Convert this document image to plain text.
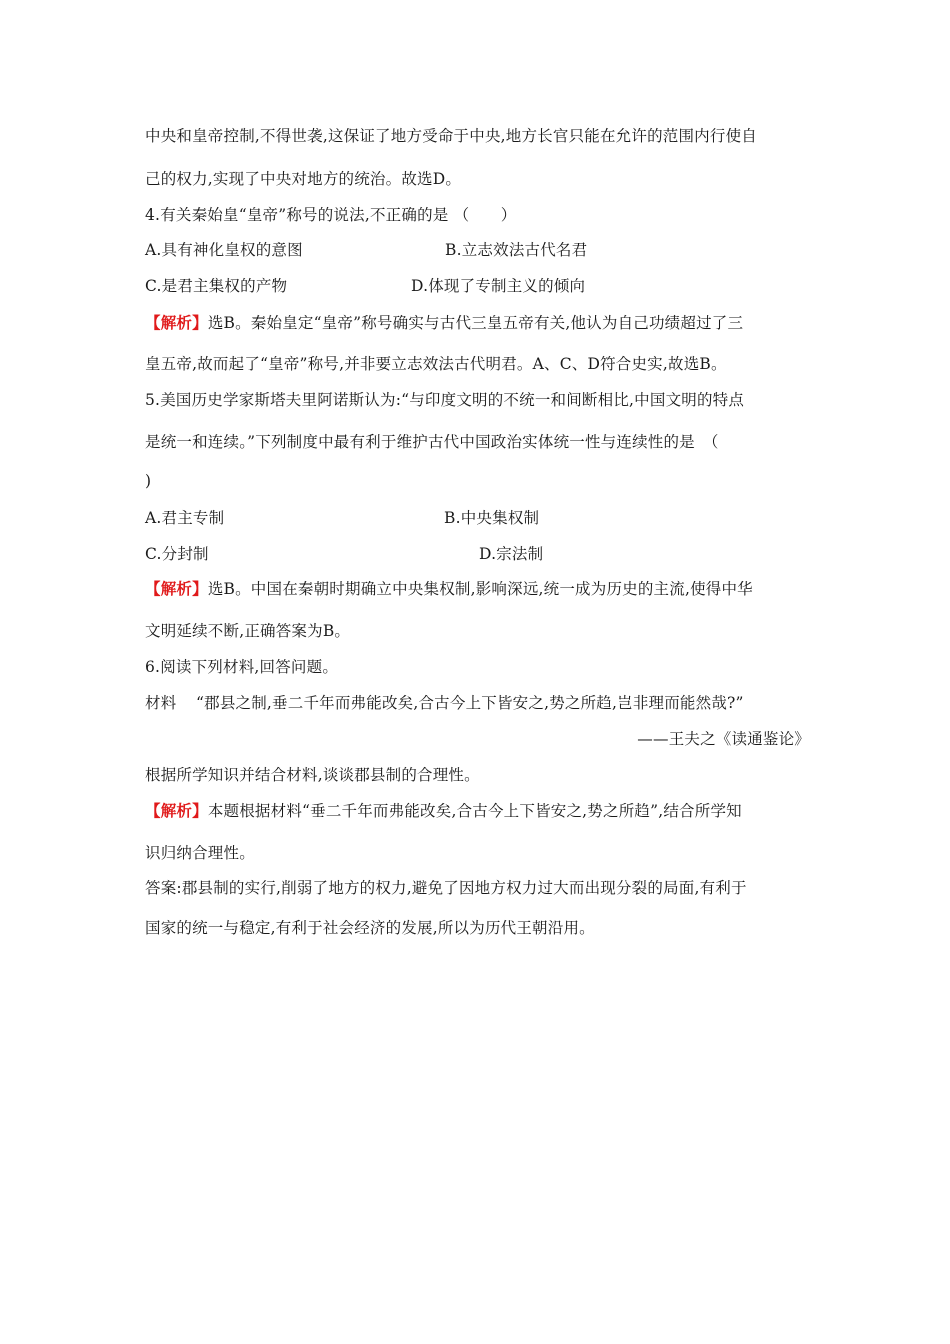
中央和皇帝控制,不得世袭,这保证了地方受命于中央,地方长官只能在允许的范围内行使自
己的权力,实现了中央对地方的统治。故选D。
4.有关秦始皇“皇帝”称号的说法,不正确的是 （　　）
A.具有神化皇权的意图	B.立志效法古代名君
C.是君主集权的产物	D.体现了专制主义的倾向
【解析】选B。秦始皇定“皇帝”称号确实与古代三皇五帝有关,他认为自己功绩超过了三
皇五帝,故而起了“皇帝”称号,并非要立志效法古代明君。A、C、D符合史实,故选B。
5.美国历史学家斯塔夫里阿诺斯认为:“与印度文明的不统一和间断相比,中国文明的特点
是统一和连续。”下列制度中最有利于维护古代中国政治实体统一性与连续性的是　（
)
A.君主专制	B.中央集权制
C.分封制	D.宗法制
【解析】选B。中国在秦朝时期确立中央集权制,影响深远,统一成为历史的主流,使得中华
文明延续不断,正确答案为B。
6.阅读下列材料,回答问题。
材料	“郡县之制,垂二千年而弗能改矣,合古今上下皆安之,势之所趋,岂非理而能然哉?”
——王夫之《读通鉴论》
根据所学知识并结合材料,谈谈郡县制的合理性。
【解析】本题根据材料“垂二千年而弗能改矣,合古今上下皆安之,势之所趋”,结合所学知
识归纳合理性。
答案:郡县制的实行,削弱了地方的权力,避免了因地方权力过大而出现分裂的局面,有利于
国家的统一与稳定,有利于社会经济的发展,所以为历代王朝沿用。
